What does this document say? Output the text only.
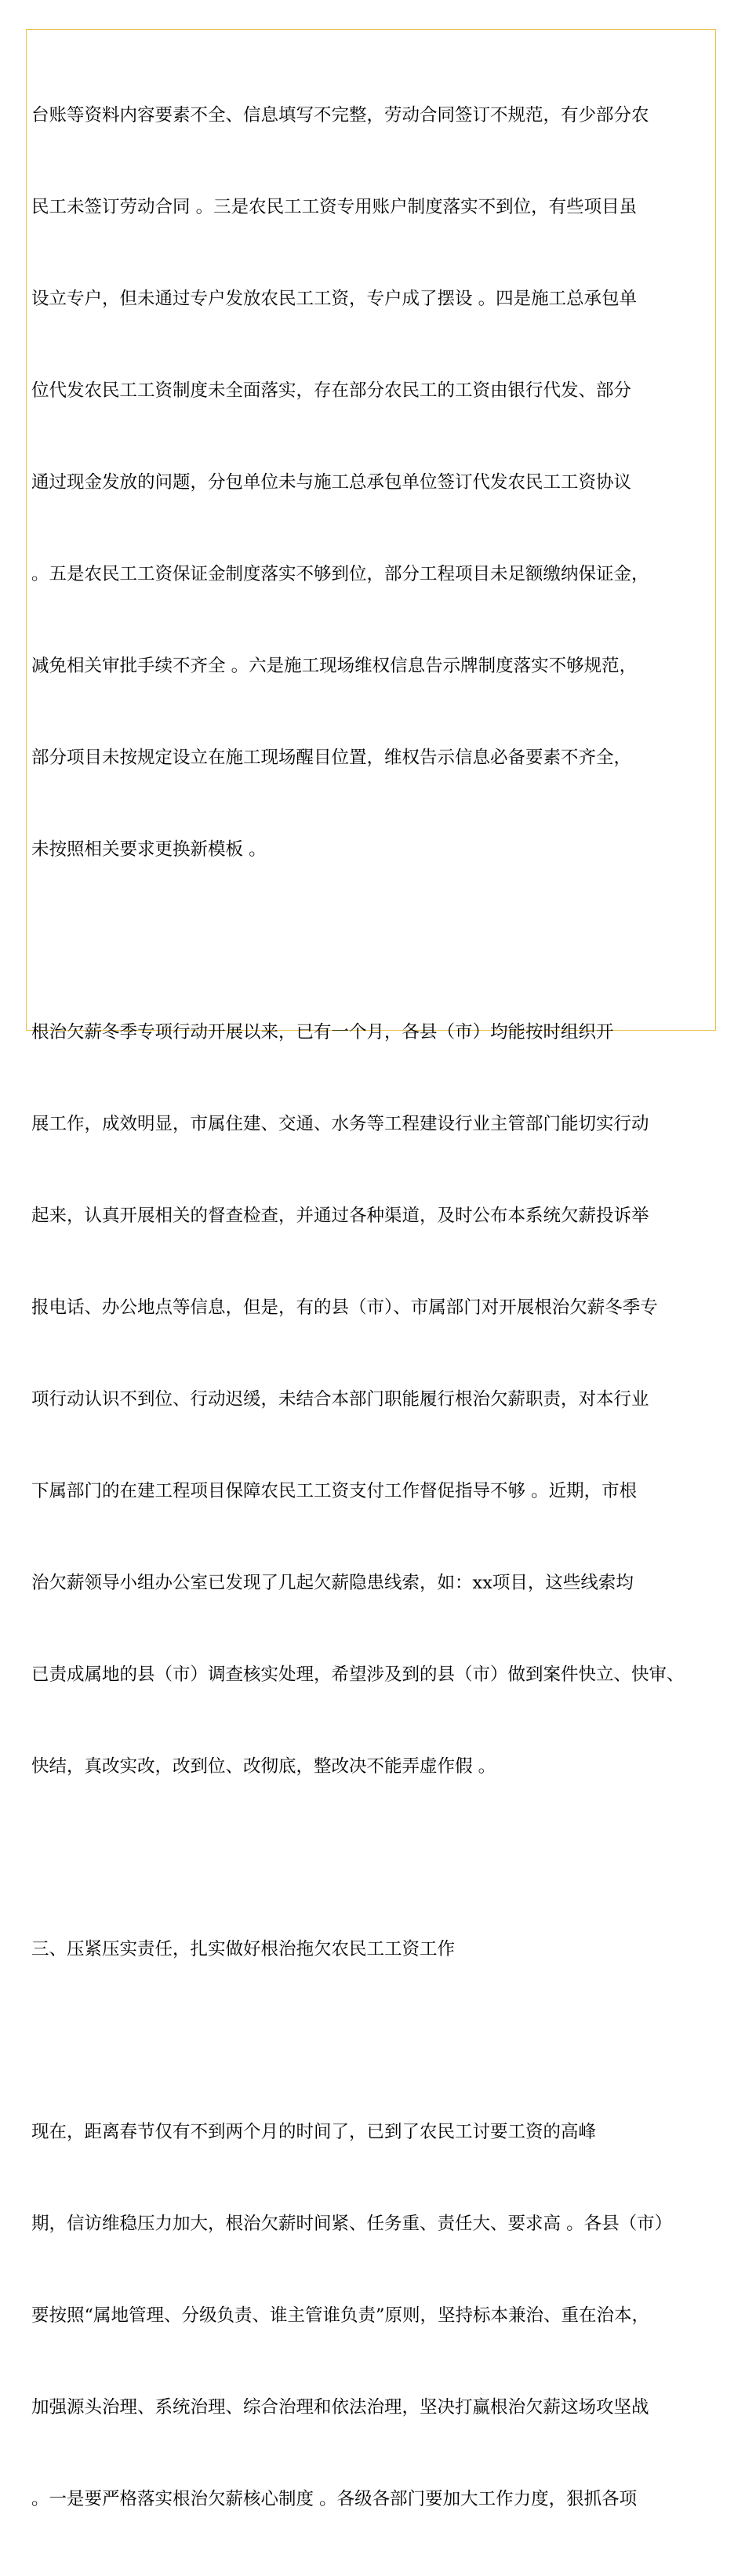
台账等资料内容要素不全、信息填写不完整，劳动合同签订不规范，有少部分农

民工未签订劳动合同 。三是农民工工资专用账户制度落实不到位，有些项目虽

设立专户，但未通过专户发放农民工工资，专户成了摆设 。四是施工总承包单

位代发农民工工资制度未全面落实，存在部分农民工的工资由银行代发、部分

通过现金发放的问题，分包单位未与施工总承包单位签订代发农民工工资协议

。五是农民工工资保证金制度落实不够到位，部分工程项目未足额缴纳保证金，

减免相关审批手续不齐全 。六是施工现场维权信息告示牌制度落实不够规范，

部分项目未按规定设立在施工现场醒目位置，维权告示信息必备要素不齐全，

未按照相关要求更换新模板 。

根治欠薪冬季专项行动开展以来，已有一个月，各县（市）均能按时组织开

展工作，成效明显，市属住建、交通、水务等工程建设行业主管部门能切实行动

起来，认真开展相关的督查检查，并通过各种渠道，及时公布本系统欠薪投诉举

报电话、办公地点等信息，但是，有的县（市）、市属部门对开展根治欠薪冬季专

项行动认识不到位、行动迟缓，未结合本部门职能履行根治欠薪职责，对本行业

下属部门的在建工程项目保障农民工工资支付工作督促指导不够 。近期，市根

治欠薪领导小组办公室已发现了几起欠薪隐患线索，如：xx项目，这些线索均

已责成属地的县（市）调查核实处理，希望涉及到的县（市）做到案件快立、快审、

快结，真改实改，改到位、改彻底，整改决不能弄虚作假 。

三、压紧压实责任，扎实做好根治拖欠农民工工资工作

现在，距离春节仅有不到两个月的时间了，已到了农民工讨要工资的高峰

期，信访维稳压力加大，根治欠薪时间紧、任务重、责任大、要求高 。各县（市）

要按照“属地管理、分级负责、谁主管谁负责”原则，坚持标本兼治、重在治本，

加强源头治理、系统治理、综合治理和依法治理，坚决打赢根治欠薪这场攻坚战

。一是要严格落实根治欠薪核心制度 。各级各部门要加大工作力度，狠抓各项
